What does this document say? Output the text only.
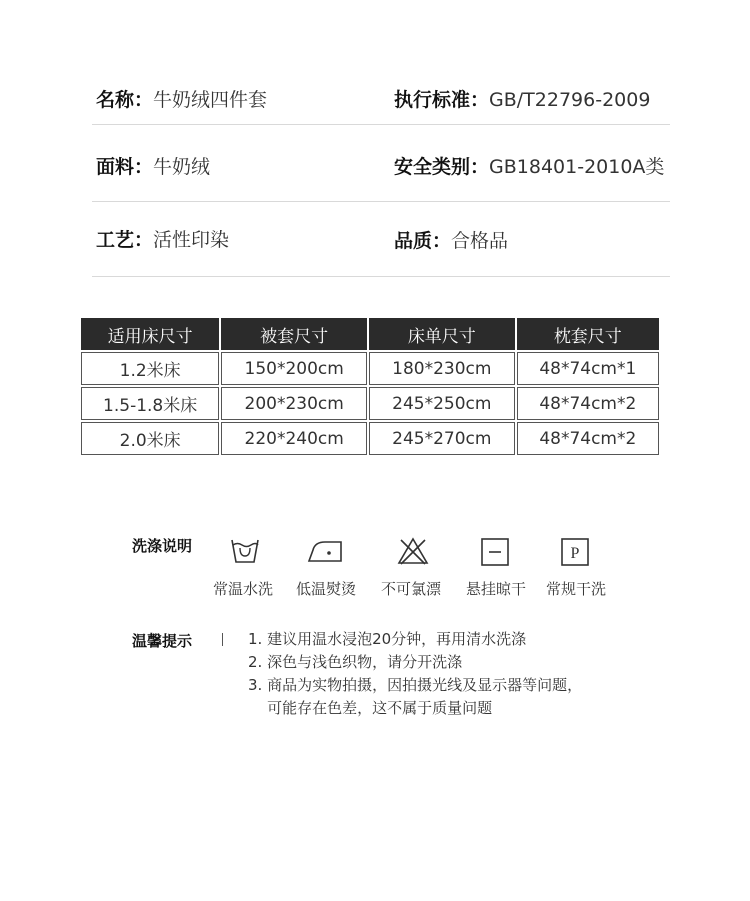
名称：牛奶绒四件套	执行标准：GB/T22796-2009
面料：牛奶绒	安全类别：GB18401-2010A类
工艺：活性印染	品质：合格品
适用床尺寸	被套尺寸	床单尺寸	枕套尺寸
1.2米床	150*200cm	180*230cm	48*74cm*1
1.5-1.8米床	200*230cm	245*250cm	48*74cm*2
2.0米床	220*240cm	245*270cm	48*74cm*2
洗涤说明	P
常温水洗	低温熨烫	不可氯漂	悬挂晾干	常规干洗
温馨提示	1. 建议用温水浸泡20分钟，再用清水洗涤
2. 深色与浅色织物，请分开洗涤
3. 商品为实物拍摄，因拍摄光线及显示器等问题，
可能存在色差，这不属于质量问题
